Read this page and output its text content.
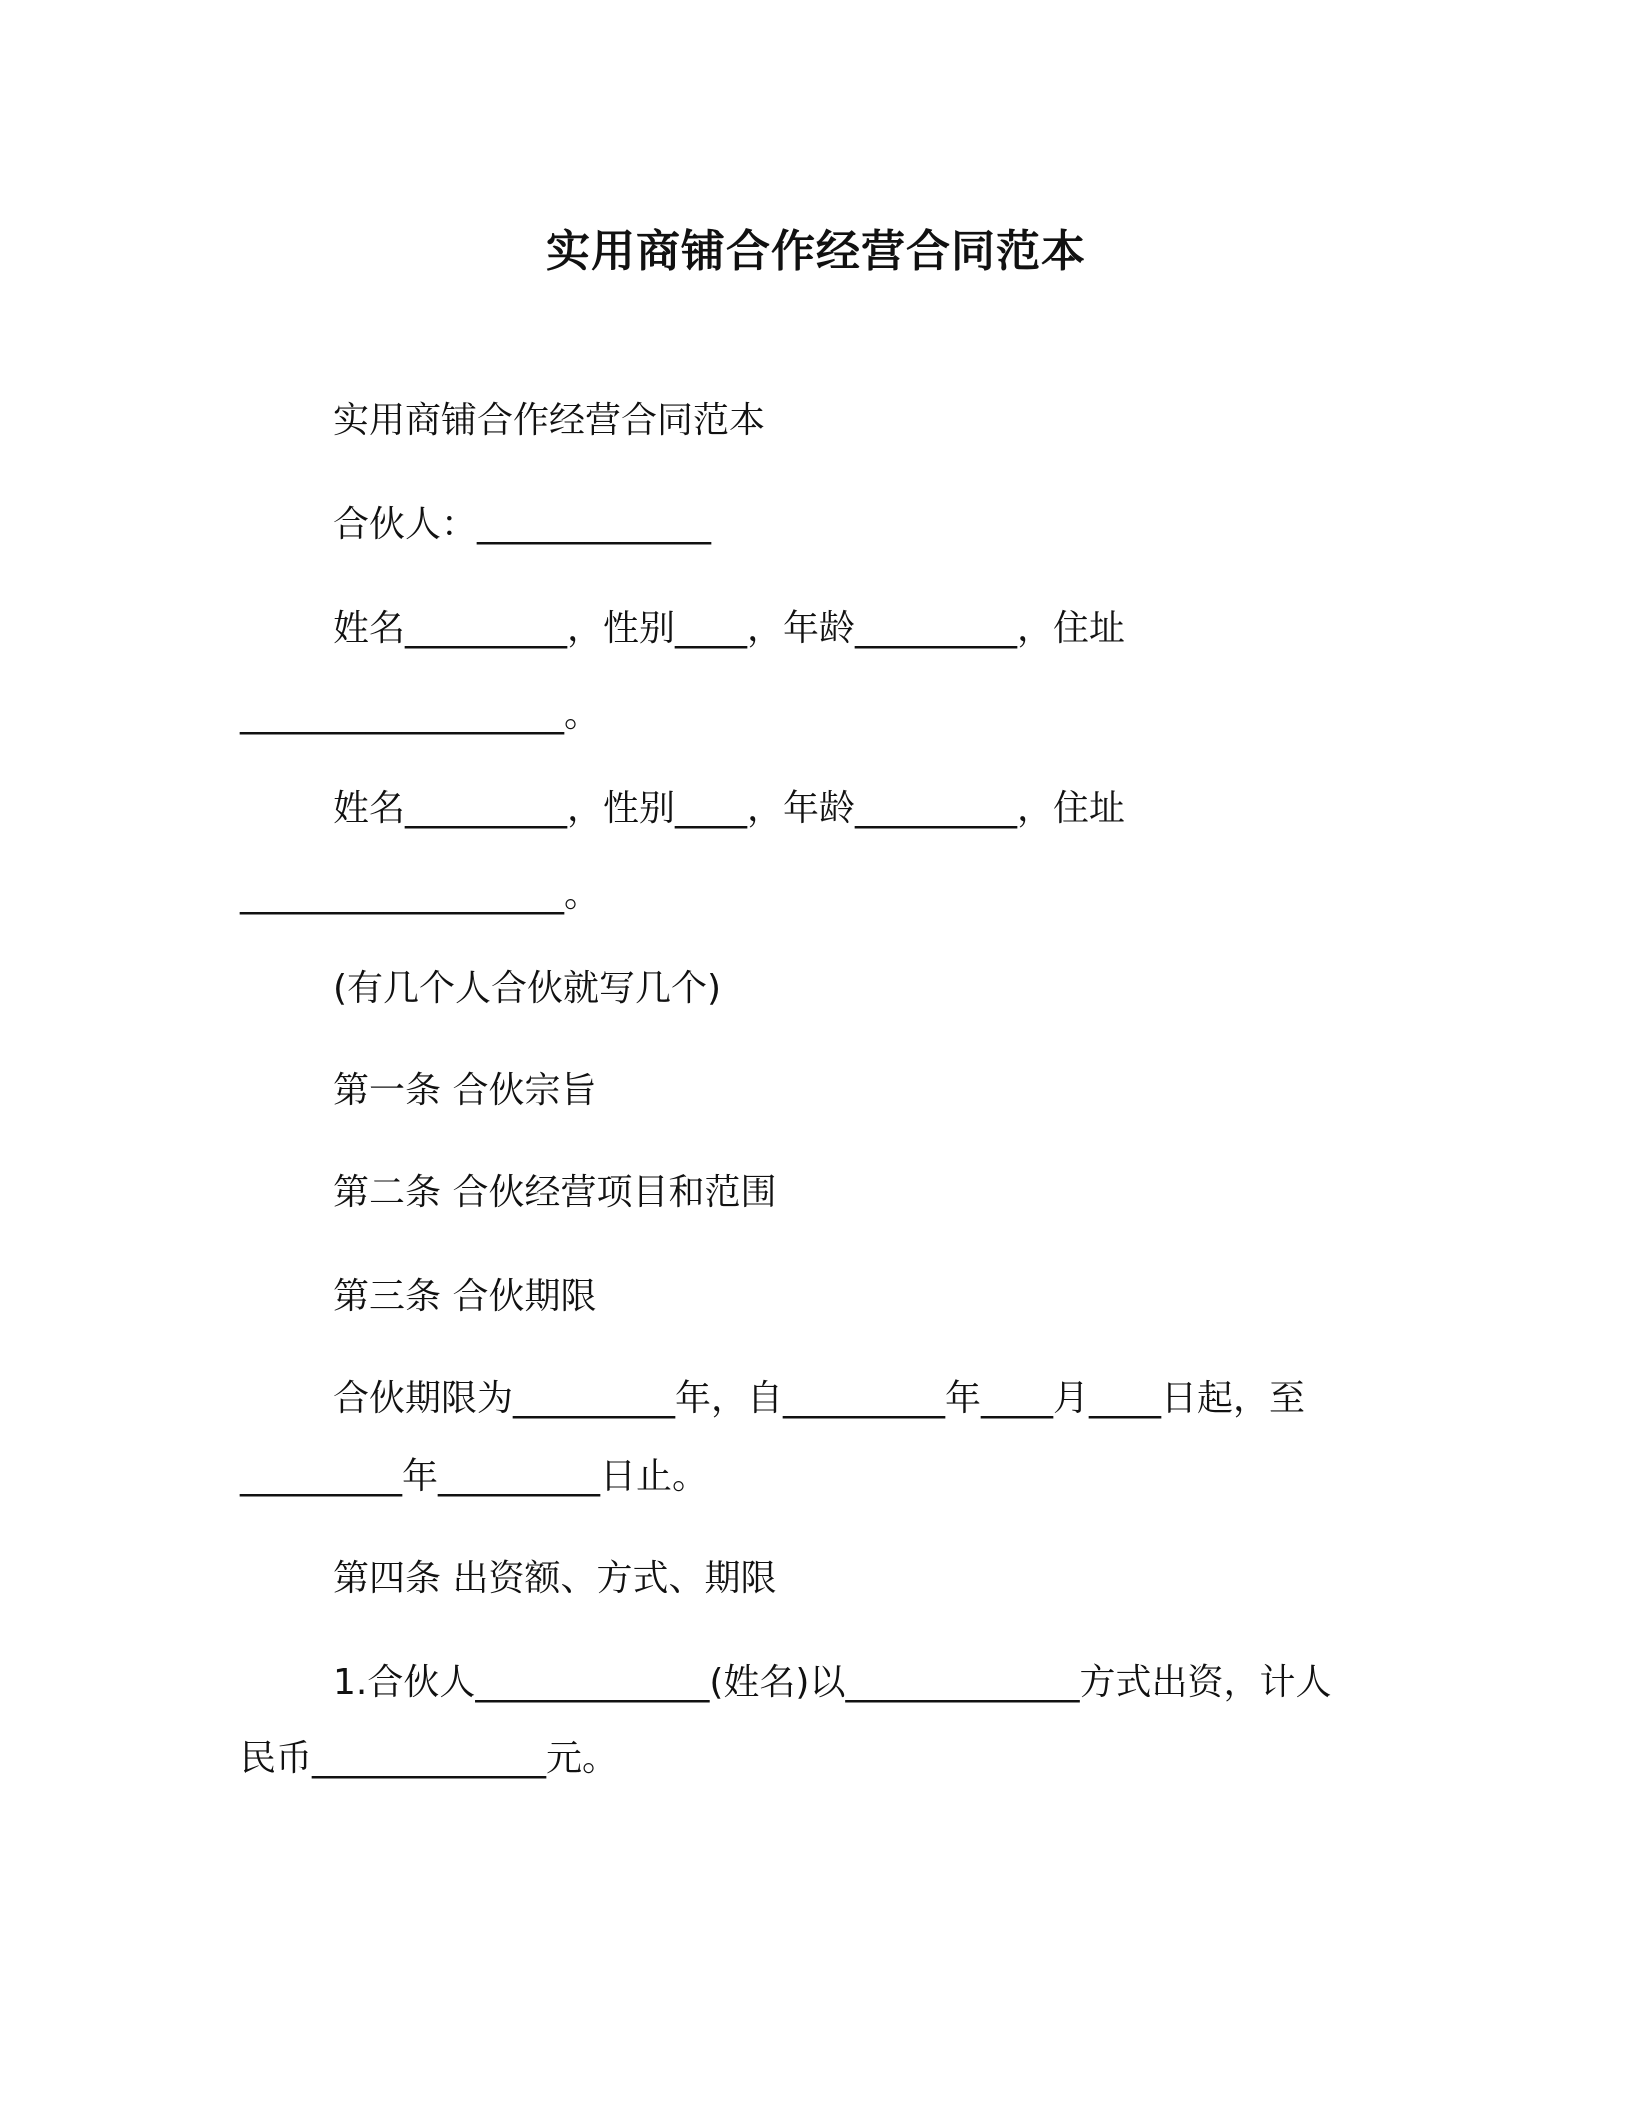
实用商铺合作经营合同范本
实用商铺合作经营合同范本
合伙人：_____________
姓名_________，性别____，年龄_________，住址
__________________。
姓名_________，性别____，年龄_________，住址
__________________。
(有几个人合伙就写几个)
第一条 合伙宗旨
第二条 合伙经营项目和范围
第三条 合伙期限
合伙期限为_________年，自_________年____月____日起，至
_________年_________日止。
第四条 出资额、方式、期限
1.合伙人_____________(姓名)以_____________方式出资，计人
民币_____________元。
